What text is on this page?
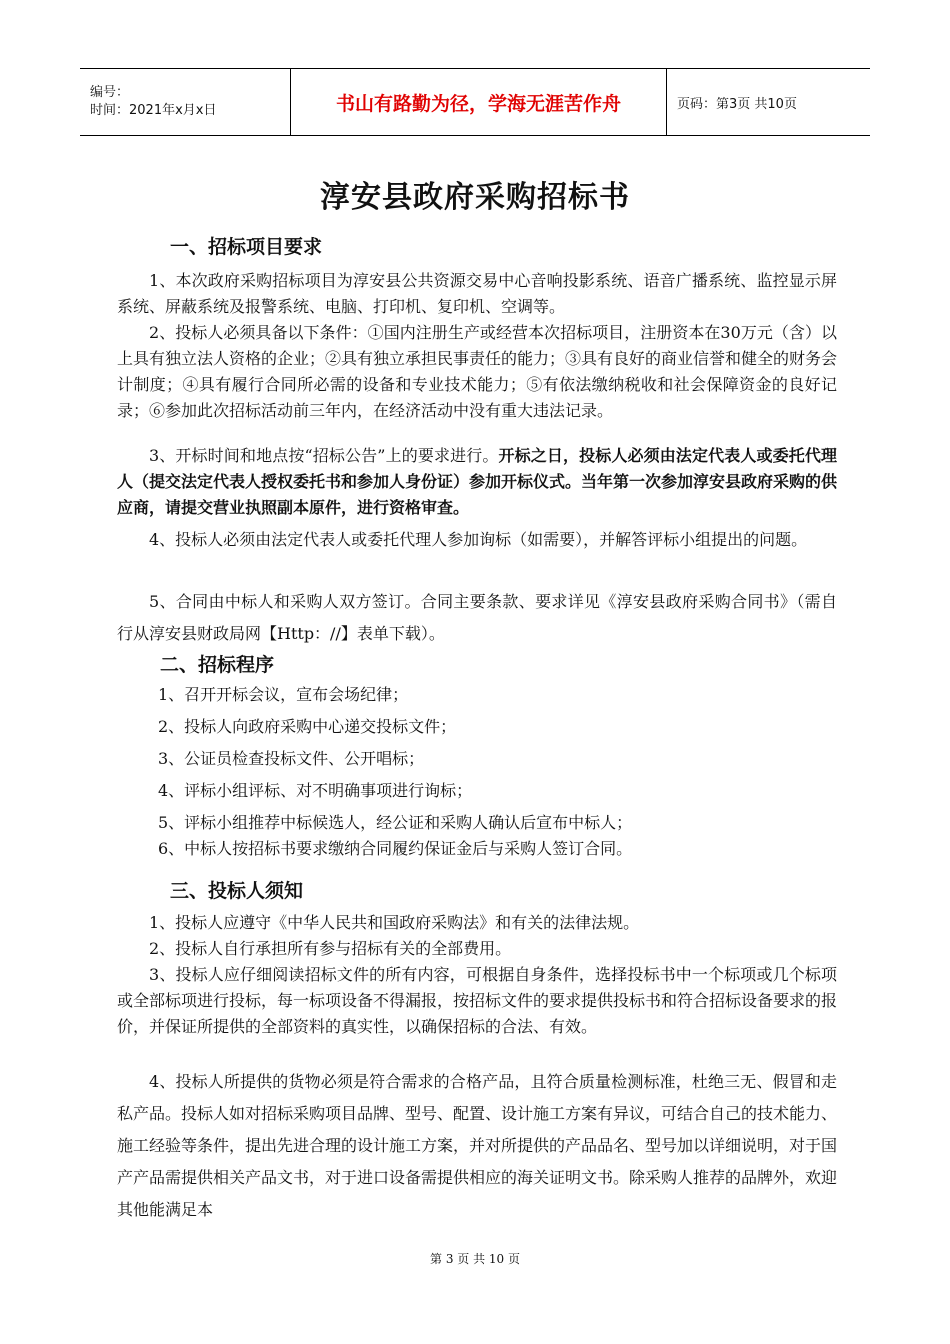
编号：
时间：2021年x月x日	书山有路勤为径，学海无涯苦作舟	页码：第3页 共10页
淳安县政府采购招标书
一、招标项目要求
1、本次政府采购招标项目为淳安县公共资源交易中心音响投影系统、语音广播系统、监控显示屏系统、屏蔽系统及报警系统、电脑、打印机、复印机、空调等。
2、投标人必须具备以下条件：①国内注册生产或经营本次招标项目，注册资本在30万元（含）以上具有独立法人资格的企业；②具有独立承担民事责任的能力；③具有良好的商业信誉和健全的财务会计制度；④具有履行合同所必需的设备和专业技术能力；⑤有依法缴纳税收和社会保障资金的良好记录；⑥参加此次招标活动前三年内，在经济活动中没有重大违法记录。
3、开标时间和地点按“招标公告”上的要求进行。开标之日，投标人必须由法定代表人或委托代理人（提交法定代表人授权委托书和参加人身份证）参加开标仪式。当年第一次参加淳安县政府采购的供应商，请提交营业执照副本原件，进行资格审查。
4、投标人必须由法定代表人或委托代理人参加询标（如需要），并解答评标小组提出的问题。
5、合同由中标人和采购人双方签订。合同主要条款、要求详见《淳安县政府采购合同书》（需自行从淳安县财政局网【Http：//】表单下载）。
二、招标程序
1、召开开标会议，宣布会场纪律；
2、投标人向政府采购中心递交投标文件；
3、公证员检查投标文件、公开唱标；
4、评标小组评标、对不明确事项进行询标；
5、评标小组推荐中标候选人，经公证和采购人确认后宣布中标人；
6、中标人按招标书要求缴纳合同履约保证金后与采购人签订合同。
三、投标人须知
1、投标人应遵守《中华人民共和国政府采购法》和有关的法律法规。
2、投标人自行承担所有参与招标有关的全部费用。
3、投标人应仔细阅读招标文件的所有内容，可根据自身条件，选择投标书中一个标项或几个标项或全部标项进行投标，每一标项设备不得漏报，按招标文件的要求提供投标书和符合招标设备要求的报价，并保证所提供的全部资料的真实性，以确保招标的合法、有效。
4、投标人所提供的货物必须是符合需求的合格产品，且符合质量检测标准，杜绝三无、假冒和走私产品。投标人如对招标采购项目品牌、型号、配置、设计施工方案有异议，可结合自己的技术能力、施工经验等条件，提出先进合理的设计施工方案，并对所提供的产品品名、型号加以详细说明，对于国产产品需提供相关产品文书，对于进口设备需提供相应的海关证明文书。除采购人推荐的品牌外，欢迎其他能满足本
第 3 页 共 10 页
